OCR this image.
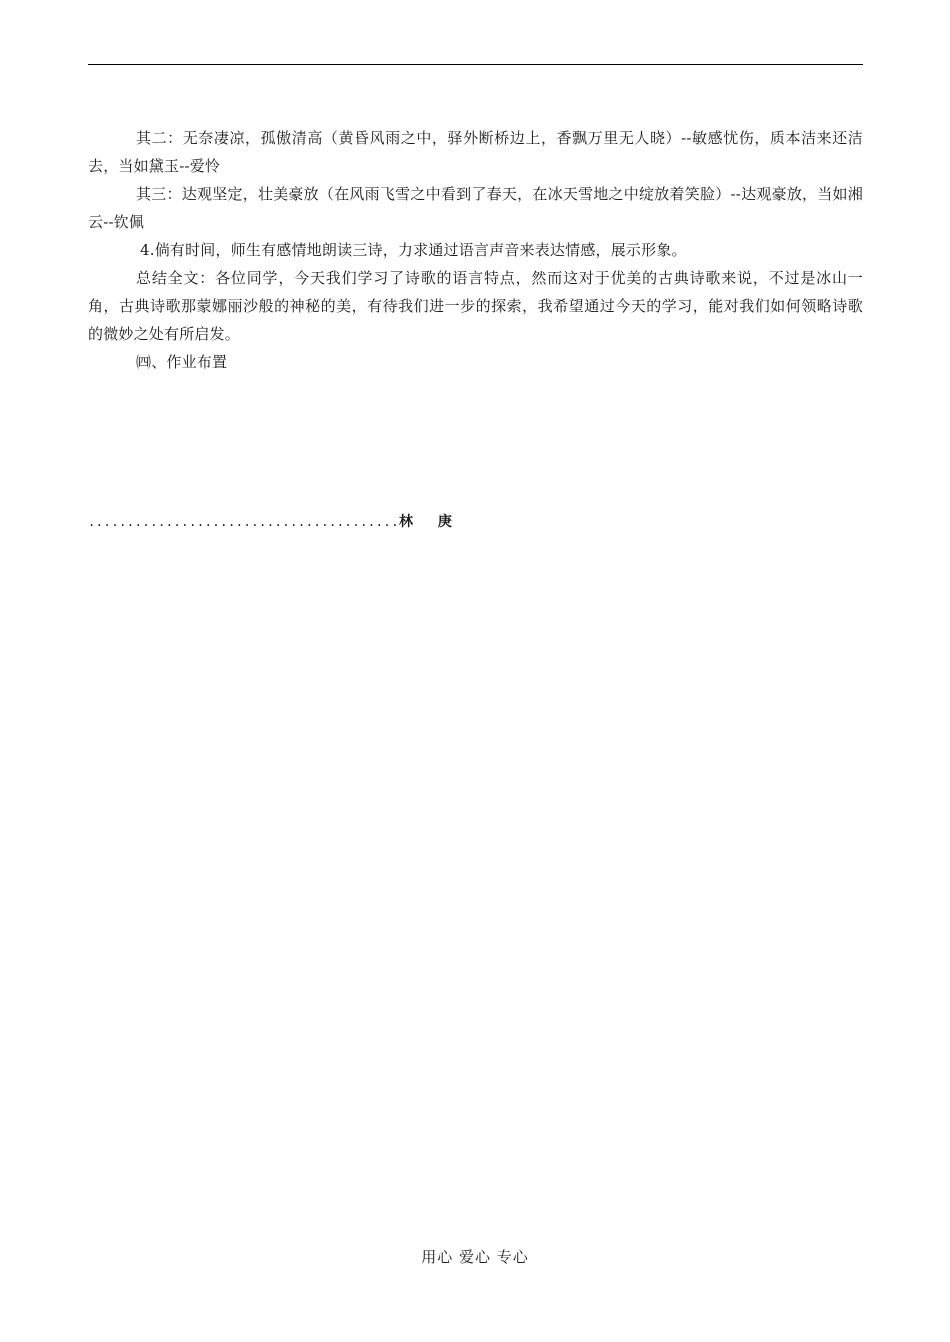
其二：无奈凄凉，孤傲清高（黄昏风雨之中，驿外断桥边上，香飘万里无人晓）--敏感忧伤，质本洁来还洁去，当如黛玉--爱怜

其三：达观坚定，壮美豪放（在风雨飞雪之中看到了春天，在冰天雪地之中绽放着笑脸）--达观豪放，当如湘云--钦佩

4.倘有时间，师生有感情地朗读三诗，力求通过语言声音来表达情感，展示形象。

总结全文：各位同学，今天我们学习了诗歌的语言特点，然而这对于优美的古典诗歌来说，不过是冰山一角，古典诗歌那蒙娜丽沙般的神秘的美，有待我们进一步的探索，我希望通过今天的学习，能对我们如何领略诗歌的微妙之处有所启发。

㈣、作业布置

........................................林 庚
用心 爱心 专心
